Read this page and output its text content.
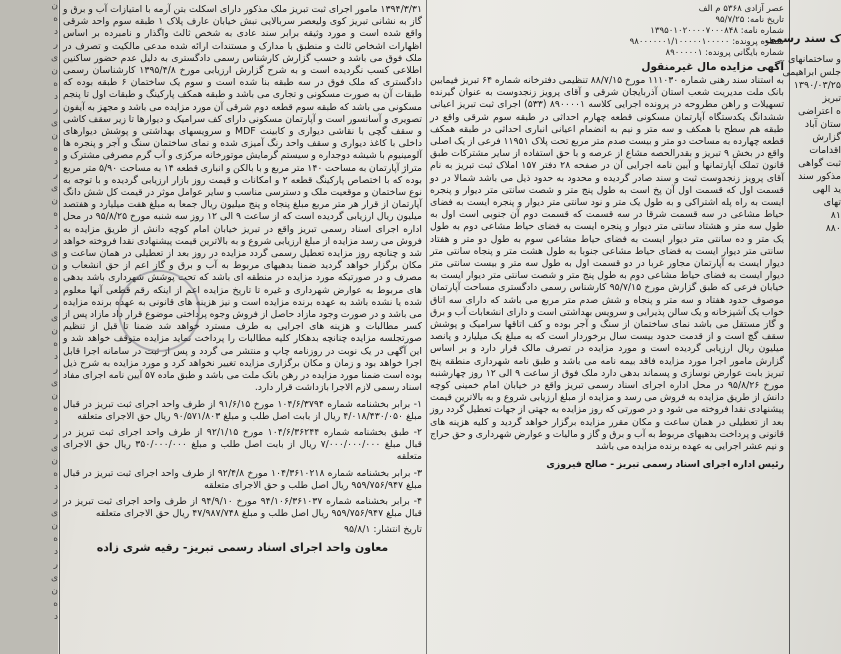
ن
ه
د
ر
ی
ن
ه
د
ر
ی
ن
ه
د
ر
ی
ن
ه
د
ر
ی
ن
ه
د
ر
ی
ن
ه
د
ر
ی
ن
ه
د
ر
ی
ن
ه
د
ر
ی
ن
ه
د
ر
ی
ن
ه
د
ک سند رسمی
و ساختمانهای
جلس ابراهیمی
۱۳۹۰/۰۳/۲۵
تبریز
ه اعتراضی
ستان آباد
گزارش
اقدامات
ثبت گواهی
مذکور سند
ید الهی
تهای
۸۱
۸۸۰

عصر آزادی ۵۳۶۸ م الف

تاریخ نامه: ۹۵/۷/۲۵

شماره نامه: ۱۳۹۵۰۱۰۲۰۰۰۰۷۰۰۰۸۴۸

شماره پرونده: ۹۸۰۰۰۰۰۰۱/۱۰۰۰۰۰۱۰۰۰۰۰

شماره بایگانی پرونده: ۸۹۰۰۰۰۰۱

آگهی مزایده مال غیرمنقول

به استناد سند رهنی شماره ۱۱۱۰۳۰ مورخ ۸۸/۷/۱۵ تنظیمی دفترخانه شماره ۶۴ تبریز فیمابین بانک ملت مدیریت شعب استان آذربایجان شرقی و آقای پرویز زنجدوست به عنوان گیرنده تسهیلات و راهن مطروحه در پرونده اجرایی کلاسه ۸۹۰۰۰۰۱ (۵۳۳) اجرای ثبت تبریز اعیانی ششدانگ یکدستگاه آپارتمان مسکونی قطعه چهارم احداثی در طبقه سوم شرقی واقع در طبقه هم سطح با همکف و سه متر و نیم به انضمام اعیانی انباری احداثی در طبقه همکف قطعه چهارده به مساحت دو متر و بیست صدم متر مربع تحت پلاک ۱۱۹۵۱ فرعی از یک اصلی واقع در بخش ۹ تبریز و بقدرالحصه مشاع از عرصه و با حق استفاده از سایر مشترکات طبق قانون تملک آپارتمانها و آیین نامه اجرایی آن در صفحه ۲۸ دفتر ۱۵۷ املاک ثبت تبریز به نام آقای پرویز زنجدوست ثبت و سند صادر گردیده و محدود به حدود ذیل می باشد شمالا در دو قسمت اول که قسمت اول آن پخ است به طول پنج متر و شصت سانتی متر دیوار و پنجره ایست به راه پله اشتراکی و به طول یک متر و نود سانتی متر دیوار و پنجره ایست به فضای حیاط مشاعی در سه قسمت شرقا در سه قسمت که قسمت دوم آن جنوبی است اول به طول سه متر و هشتاد سانتی متر دیوار و پنجره ایست به فضای حیاط مشاعی دوم به طول یک متر و ده سانتی متر دیوار ایست به فضای حیاط مشاعی سوم به طول دو متر و هفتاد سانتی متر دیوار ایست به فضای حیاط مشاعی جنوبا به طول هشت متر و پنجاه سانتی متر دیوار ایست به آپارتمان مجاور غربا در دو قسمت اول به طول سه متر و بیست سانتی متر دیوار ایست به فضای حیاط مشاعی دوم به طول پنج متر و شصت سانتی متر دیوار ایست به خیابان فرعی که طبق گزارش مورخ ۹۵/۷/۱۵ کارشناس رسمی دادگستری مساحت آپارتمان موصوف حدود هفتاد و سه متر و پنجاه و شش صدم متر مربع می باشد که دارای سه اتاق خواب یک آشپزخانه و یک سالن پذیرایی و سرویس بهداشتی است و دارای انشعابات آب و برق و گاز مستقل می باشد نمای ساختمان از سنگ و آجر بوده و کف اتاقها سرامیک و پوشش سقف گچ است و از قدمت حدود بیست سال برخوردار است که به مبلغ یک میلیارد و پانصد میلیون ریال ارزیابی گردیده است و مورد مزایده در تصرف مالک قرار دارد و بر اساس گزارش مامور اجرا مورد مزایده فاقد بیمه نامه می باشد و طبق نامه شهرداری منطقه پنج تبریز بابت عوارض نوسازی و پسماند بدهی دارد ملک فوق از ساعت ۹ الی ۱۲ روز چهارشنبه مورخ ۹۵/۸/۲۶ در محل اداره اجرای اسناد رسمی تبریز واقع در خیابان امام خمینی کوچه دانش از طریق مزایده به فروش می رسد و مزایده از مبلغ ارزیابی شروع و به بالاترین قیمت پیشنهادی نقدا فروخته می شود و در صورتی که روز مزایده به جهتی از جهات تعطیل گردد روز بعد از تعطیلی در همان ساعت و مکان مقرر مزایده برگزار خواهد گردید و کلیه هزینه های قانونی و پرداخت بدهیهای مربوط به آب و برق و گاز و مالیات و عوارض شهرداری و حق حراج و نیم عشر اجرایی به عهده برنده مزایده می باشد

رئیس اداره اجرای اسناد رسمی تبریز - صالح فیروزی

۱۳۹۴/۳/۳۱ مامور اجرای ثبت تبریز ملک مذکور دارای اسکلت بتن آرمه با امتیازات آب و برق و گاز به نشانی تبریز کوی ولیعصر سربالایی نبش خیابان عارف پلاک ۱ طبقه سوم واحد شرقی واقع شده است و مورد وثیقه برابر سند عادی به شخص ثالث واگذار و نامبرده بر اساس اظهارات اشخاص ثالث و منطبق با مدارک و مستندات ارائه شده مدعی مالکیت و تصرف در ملک فوق می باشد و حسب گزارش کارشناس رسمی دادگستری به دلیل عدم حضور ساکنین اطلاعی کسب نگردیده است و به شرح گزارش ارزیابی مورخ ۱۳۹۵/۴/۸ کارشناسان رسمی دادگستری که ملک فوق در سه طبقه بنا شده است و سوم یک ساختمان ۶ طبقه بوده که طبقات آن به صورت مسکونی و تجاری می باشد و طبقه همکف پارکینگ و طبقات اول تا پنجم مسکونی می باشد که طبقه سوم قطعه دوم شرقی آن مورد مزایده می باشد و مجهز به آیفون تصویری و آسانسور است و آپارتمان مسکونی دارای کف سرامیک و دیوارها تا زیر سقف کاشی و سقف گچی با نقاشی دیواری و کابینت MDF و سرویسهای بهداشتی و پوشش دیوارهای داخلی با کاغذ دیواری و سقف واحد رنگ آمیزی شده و نمای ساختمان سنگ و آجر و پنجره ها آلومینیوم با شیشه دوجداره و سیستم گرمایش موتورخانه مرکزی و آب گرم مصرفی مشترک و متراژ آپارتمان به مساحت ۱۴۰ متر مربع و با بالکن و انباری قطعه ۱۴ به مساحت ۵/۹۰ متر مربع بوده که با اختصاص پارکینگ قطعه ۲ و امکانات و قیمت روز بازار ارزیابی گردیده و با توجه به نوع ساختمان و موقعیت ملک و دسترسی مناسب و سایر عوامل موثر در قیمت کل شش دانگ آپارتمان از قرار هر متر مربع مبلغ پنجاه و پنج میلیون ریال جمعا به مبلغ هفت میلیارد و هفتصد میلیون ریال ارزیابی گردیده است که از ساعت ۹ الی ۱۲ روز سه شنبه مورخ ۹۵/۸/۲۵ در محل اداره اجرای اسناد رسمی تبریز واقع در تبریز خیابان امام کوچه دانش از طریق مزایده به فروش می رسد مزایده از مبلغ ارزیابی شروع و به بالاترین قیمت پیشنهادی نقدا فروخته خواهد شد و چنانچه روز مزایده تعطیل رسمی گردد مزایده در روز بعد از تعطیلی در همان ساعت و مکان برگزار خواهد گردید ضمنا بدهیهای مربوط به آب و برق و گاز اعم از حق انشعاب و مصرف و در صورتیکه مورد مزایده در منطقه ای باشد که تحت پوشش شهرداری باشد بدهی های مربوط به عوارض شهرداری و غیره تا تاریخ مزایده اعم از اینکه رقم قطعی آنها معلوم شده یا نشده باشد به عهده برنده مزایده است و نیز هزینه های قانونی به عهده برنده مزایده می باشد و در صورت وجود مازاد حاصل از فروش وجوه پرداختی موضوع قرار داد مازاد پس از کسر مطالبات و هزینه های اجرایی به طرف مسترد خواهد شد ضمنا تا قبل از تنظیم صورتجلسه مزایده چنانچه بدهکار کلیه مطالبات را پرداخت نماید مزایده متوقف خواهد شد و این آگهی در یک نوبت در روزنامه چاپ و منتشر می گردد و پس از ثبت در سامانه اجرا قابل اجرا خواهد بود و زمان و مکان برگزاری مزایده تغییر نخواهد کرد و مورد مزایده به شرح ذیل بوده است ضمنا مورد مزایده در رهن بانک ملت می باشد و طبق ماده ۵۷ آیین نامه اجرای مفاد اسناد رسمی لازم الاجرا بازداشت قرار دارد.

۱- برابر بخشنامه شماره ۱۰۴/۶/۳۷۹۴ مورخ ۹۱/۶/۱۵ از طرف واحد اجرای ثبت تبریز در قبال مبلغ ۴/۰۱۸/۴۳۰/۰۵۰ ریال از بابت اصل طلب و مبلغ ۹۰/۵۷۱/۸۰۳ ریال حق الاجرای متعلقه

۲- طبق بخشنامه شماره ۱۰۴/۶/۳۶۲۴۴ مورخ ۹۲/۱/۱۵ از طرف واحد اجرای ثبت تبریز در قبال مبلغ ۷/۰۰۰/۰۰۰/۰۰۰ ریال از بابت اصل طلب و مبلغ ۳۵۰/۰۰۰/۰۰۰ ریال حق الاجرای متعلقه

۳- برابر بخشنامه شماره ۱۰۴/۳۶۱۰۲۱۸ مورخ ۹۲/۴/۸ از طرف واحد اجرای ثبت تبریز در قبال مبلغ ۹۵۹/۷۵۶/۹۴۷ ریال اصل طلب و حق الاجرای متعلقه

۴- برابر بخشنامه شماره ۹۴/۱۰۶/۳۶۱۰۳۷ مورخ ۹۴/۹/۱۰ از طرف واحد اجرای ثبت تبریز در قبال مبلغ ۹۵۹/۷۵۶/۹۴۷ ریال اصل طلب و مبلغ ۴۷/۹۸۷/۷۴۸ ریال حق الاجرای متعلقه

تاریخ انتشار: ۹۵/۸/۱

معاون واحد اجرای اسناد رسمی تبریز- رقیه شری زاده
